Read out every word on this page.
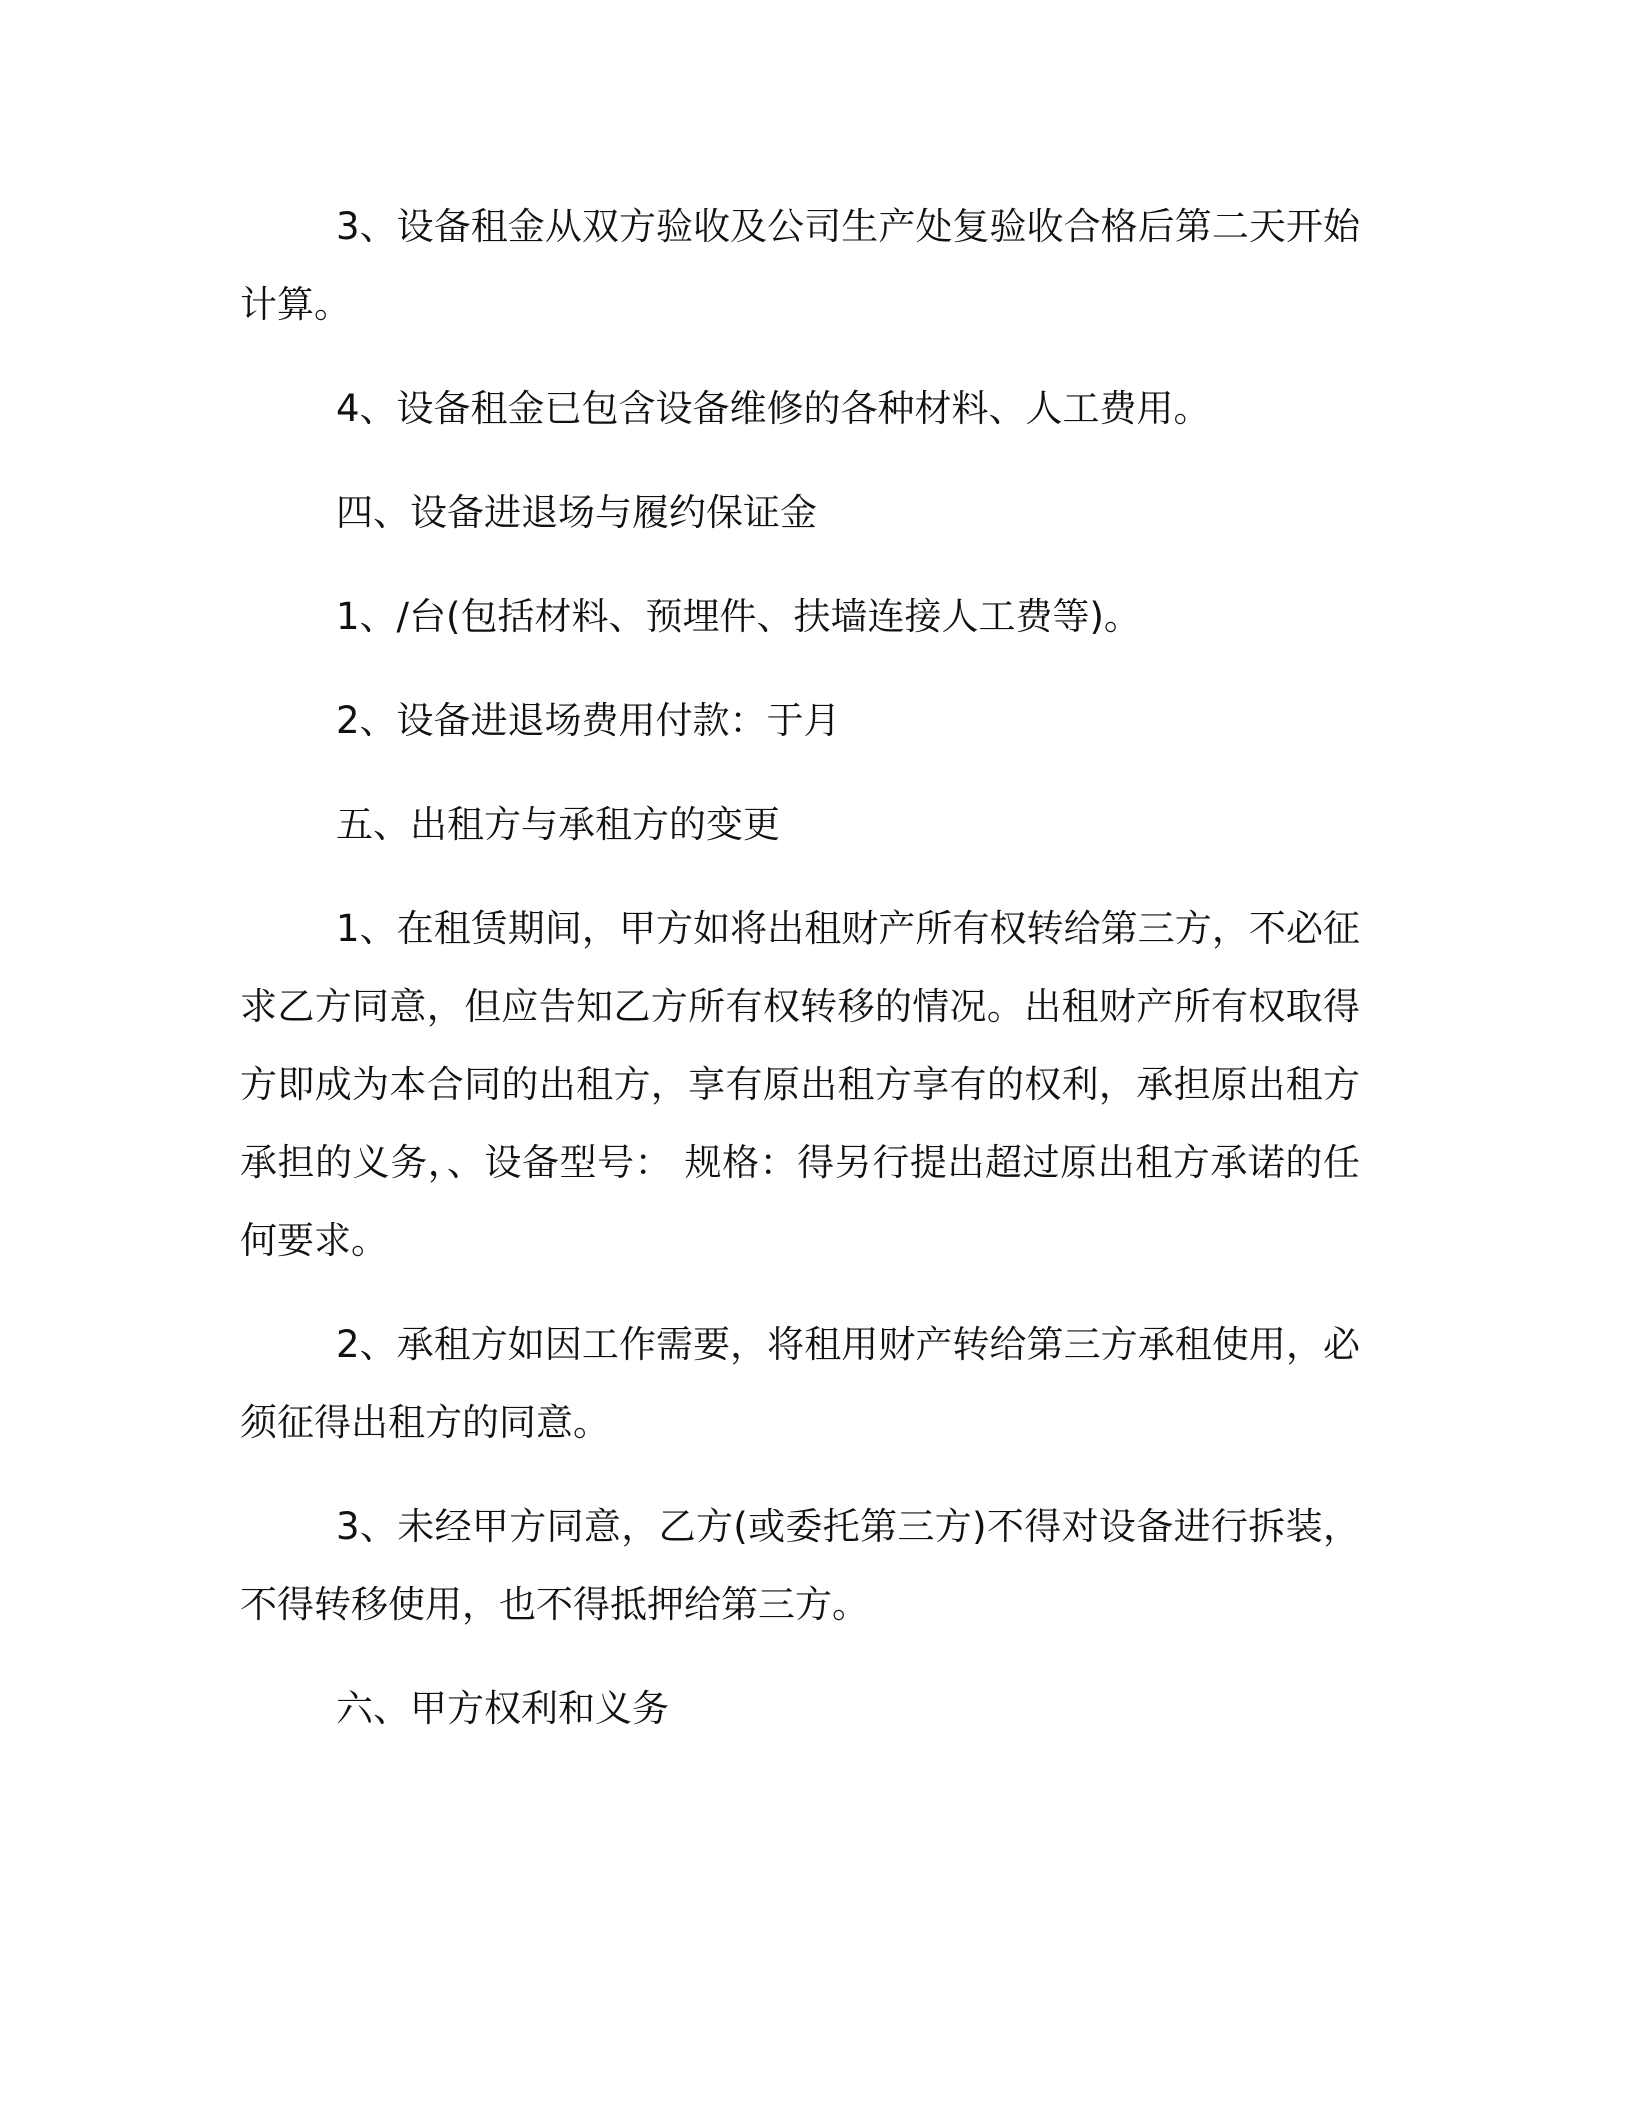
3、设备租金从双方验收及公司生产处复验收合格后第二天开始计算。

4、设备租金已包含设备维修的各种材料、人工费用。

四、设备进退场与履约保证金

1、/台(包括材料、预埋件、扶墙连接人工费等)。

2、设备进退场费用付款：于月

五、出租方与承租方的变更

1、在租赁期间，甲方如将出租财产所有权转给第三方，不必征求乙方同意，但应告知乙方所有权转移的情况。出租财产所有权取得方即成为本合同的出租方，享有原出租方享有的权利，承担原出租方承担的义务，、设备型号： 规格：得另行提出超过原出租方承诺的任何要求。

2、承租方如因工作需要，将租用财产转给第三方承租使用，必须征得出租方的同意。

3、未经甲方同意，乙方(或委托第三方)不得对设备进行拆装，不得转移使用，也不得抵押给第三方。

六、甲方权利和义务
